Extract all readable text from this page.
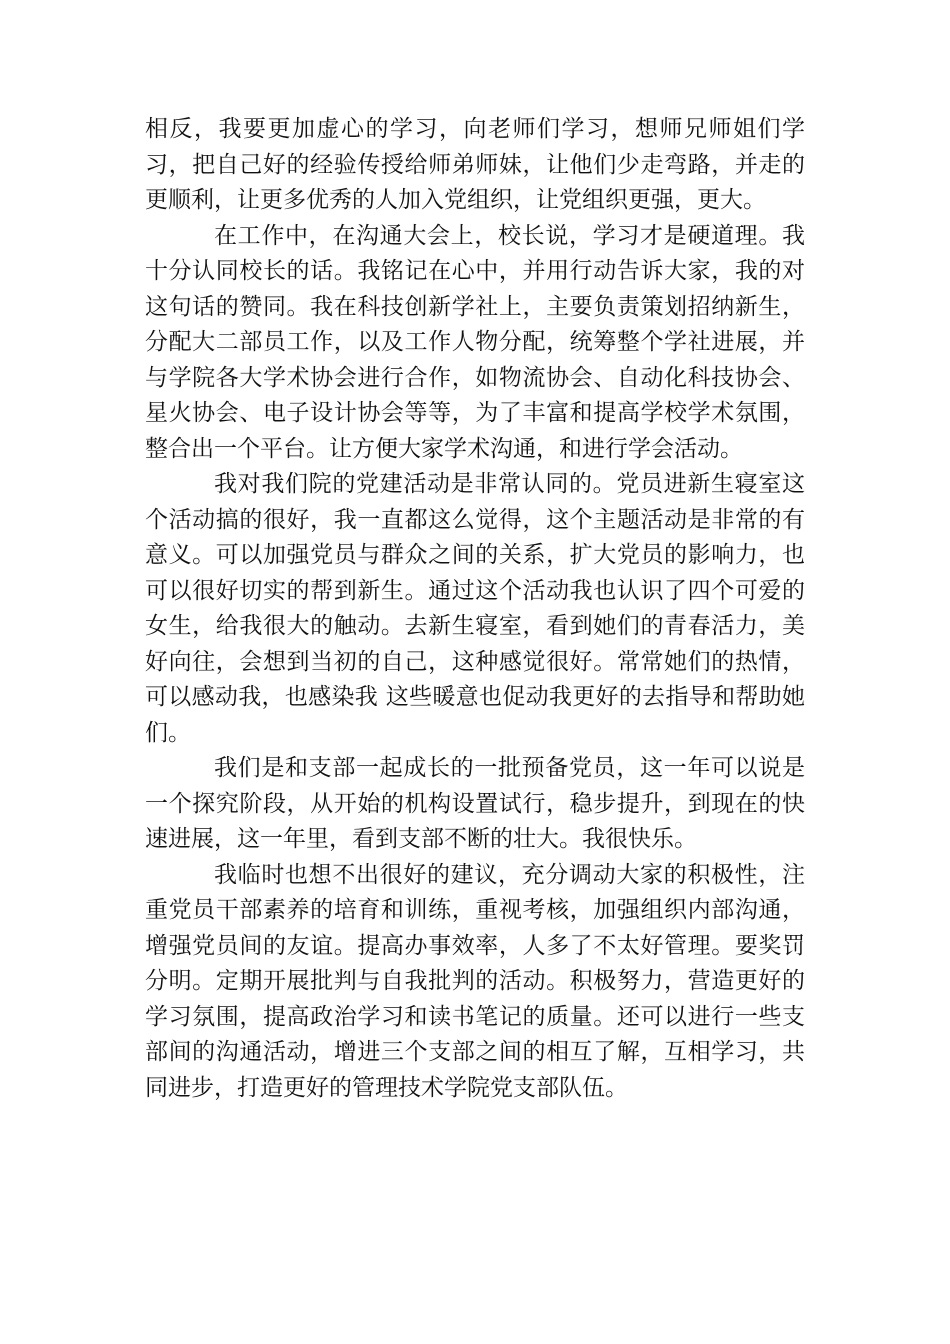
相反，我要更加虚心的学习，向老师们学习，想师兄师姐们学习，把自己好的经验传授给师弟师妹，让他们少走弯路，并走的更顺利，让更多优秀的人加入党组织，让党组织更强，更大。

在工作中，在沟通大会上，校长说，学习才是硬道理。我十分认同校长的话。我铭记在心中，并用行动告诉大家，我的对这句话的赞同。我在科技创新学社上，主要负责策划招纳新生，分配大二部员工作，以及工作人物分配，统筹整个学社进展，并与学院各大学术协会进行合作，如物流协会、自动化科技协会、星火协会、电子设计协会等等，为了丰富和提高学校学术氛围，整合出一个平台。让方便大家学术沟通，和进行学会活动。

我对我们院的党建活动是非常认同的。党员进新生寝室这个活动搞的很好，我一直都这么觉得，这个主题活动是非常的有意义。可以加强党员与群众之间的关系，扩大党员的影响力，也可以很好切实的帮到新生。通过这个活动我也认识了四个可爱的女生，给我很大的触动。去新生寝室，看到她们的青春活力，美好向往，会想到当初的自己，这种感觉很好。常常她们的热情，可以感动我，也感染我 这些暖意也促动我更好的去指导和帮助她们。

我们是和支部一起成长的一批预备党员，这一年可以说是一个探究阶段，从开始的机构设置试行，稳步提升，到现在的快速进展，这一年里，看到支部不断的壮大。我很快乐。

我临时也想不出很好的建议，充分调动大家的积极性，注重党员干部素养的培育和训练，重视考核，加强组织内部沟通，增强党员间的友谊。提高办事效率，人多了不太好管理。要奖罚分明。定期开展批判与自我批判的活动。积极努力，营造更好的学习氛围，提高政治学习和读书笔记的质量。还可以进行一些支部间的沟通活动，增进三个支部之间的相互了解，互相学习，共同进步，打造更好的管理技术学院党支部队伍。
